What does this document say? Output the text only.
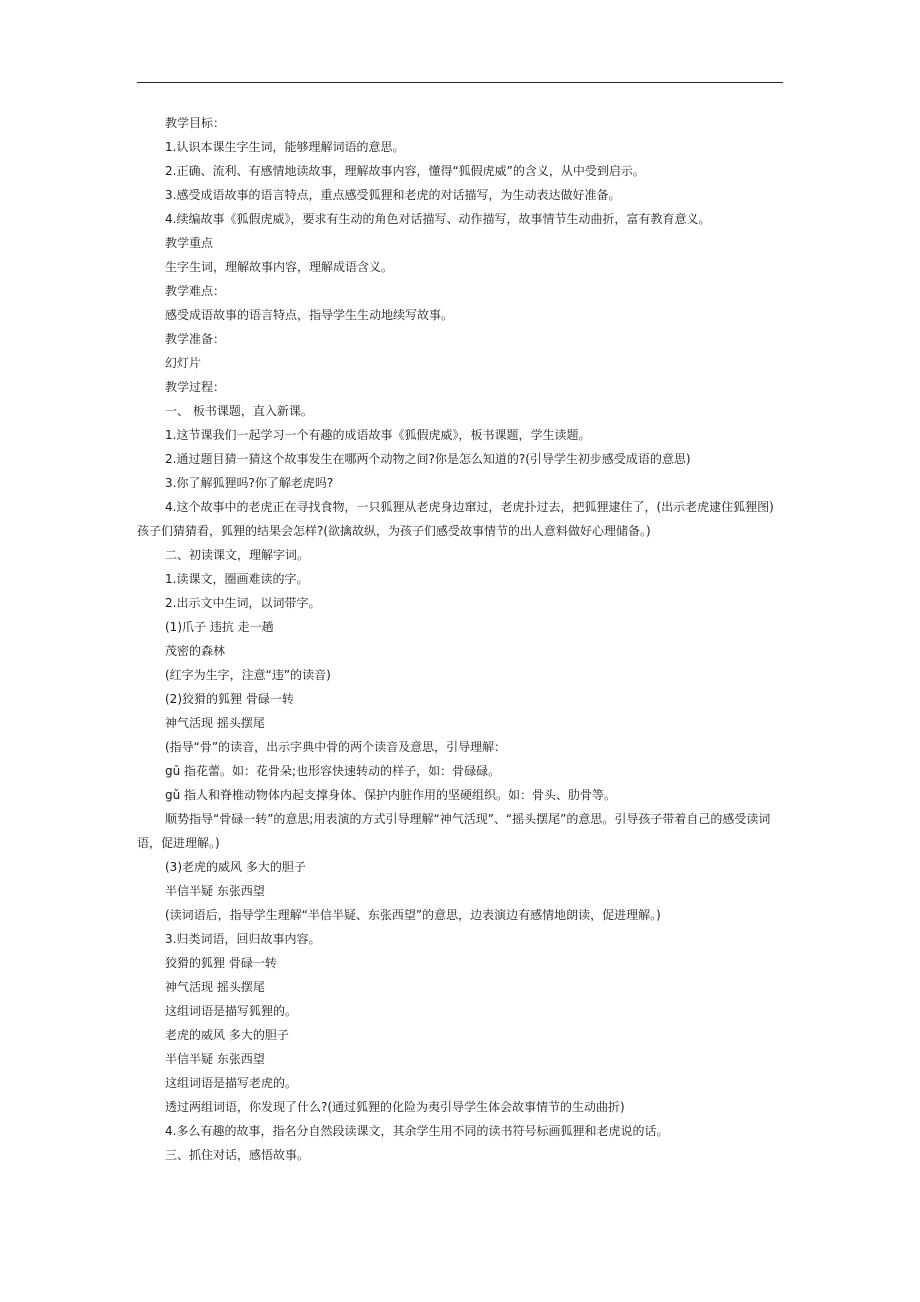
教学目标：
1.认识本课生字生词，能够理解词语的意思。
2.正确、流利、有感情地读故事，理解故事内容，懂得“狐假虎威”的含义，从中受到启示。
3.感受成语故事的语言特点，重点感受狐狸和老虎的对话描写，为生动表达做好准备。
4.续编故事《狐假虎威》，要求有生动的角色对话描写、动作描写，故事情节生动曲折，富有教育意义。
教学重点
生字生词，理解故事内容，理解成语含义。
教学难点：
感受成语故事的语言特点，指导学生生动地续写故事。
教学准备：
幻灯片
教学过程：
一、 板书课题，直入新课。
1.这节课我们一起学习一个有趣的成语故事《狐假虎威》，板书课题，学生读题。
2.通过题目猜一猜这个故事发生在哪两个动物之间?你是怎么知道的?(引导学生初步感受成语的意思)
3.你了解狐狸吗?你了解老虎吗?
4.这个故事中的老虎正在寻找食物，一只狐狸从老虎身边窜过，老虎扑过去，把狐狸逮住了，(出示老虎逮住狐狸图)孩子们猜猜看，狐狸的结果会怎样?(欲擒故纵，为孩子们感受故事情节的出人意料做好心理储备。)
二、初读课文，理解字词。
1.读课文，圈画难读的字。
2.出示文中生词，以词带字。
(1)爪子 违抗 走一趟
茂密的森林
(红字为生字，注意“违”的读音)
(2)狡猾的狐狸 骨碌一转
神气活现 摇头摆尾
(指导“骨”的读音，出示字典中骨的两个读音及意思，引导理解：
gū 指花蕾。如：花骨朵;也形容快速转动的样子，如：骨碌碌。
gǔ 指人和脊椎动物体内起支撑身体、保护内脏作用的坚硬组织。如：骨头、肋骨等。
顺势指导“骨碌一转”的意思;用表演的方式引导理解“神气活现”、“摇头摆尾”的意思。引导孩子带着自己的感受读词语，促进理解。)
(3)老虎的威风 多大的胆子
半信半疑 东张西望
(读词语后，指导学生理解“半信半疑、东张西望”的意思，边表演边有感情地朗读，促进理解。)
3.归类词语，回归故事内容。
狡猾的狐狸 骨碌一转
神气活现 摇头摆尾
这组词语是描写狐狸的。
老虎的威风 多大的胆子
半信半疑 东张西望
这组词语是描写老虎的。
透过两组词语，你发现了什么?(通过狐狸的化险为夷引导学生体会故事情节的生动曲折)
4.多么有趣的故事，指名分自然段读课文，其余学生用不同的读书符号标画狐狸和老虎说的话。
三、抓住对话，感悟故事。
